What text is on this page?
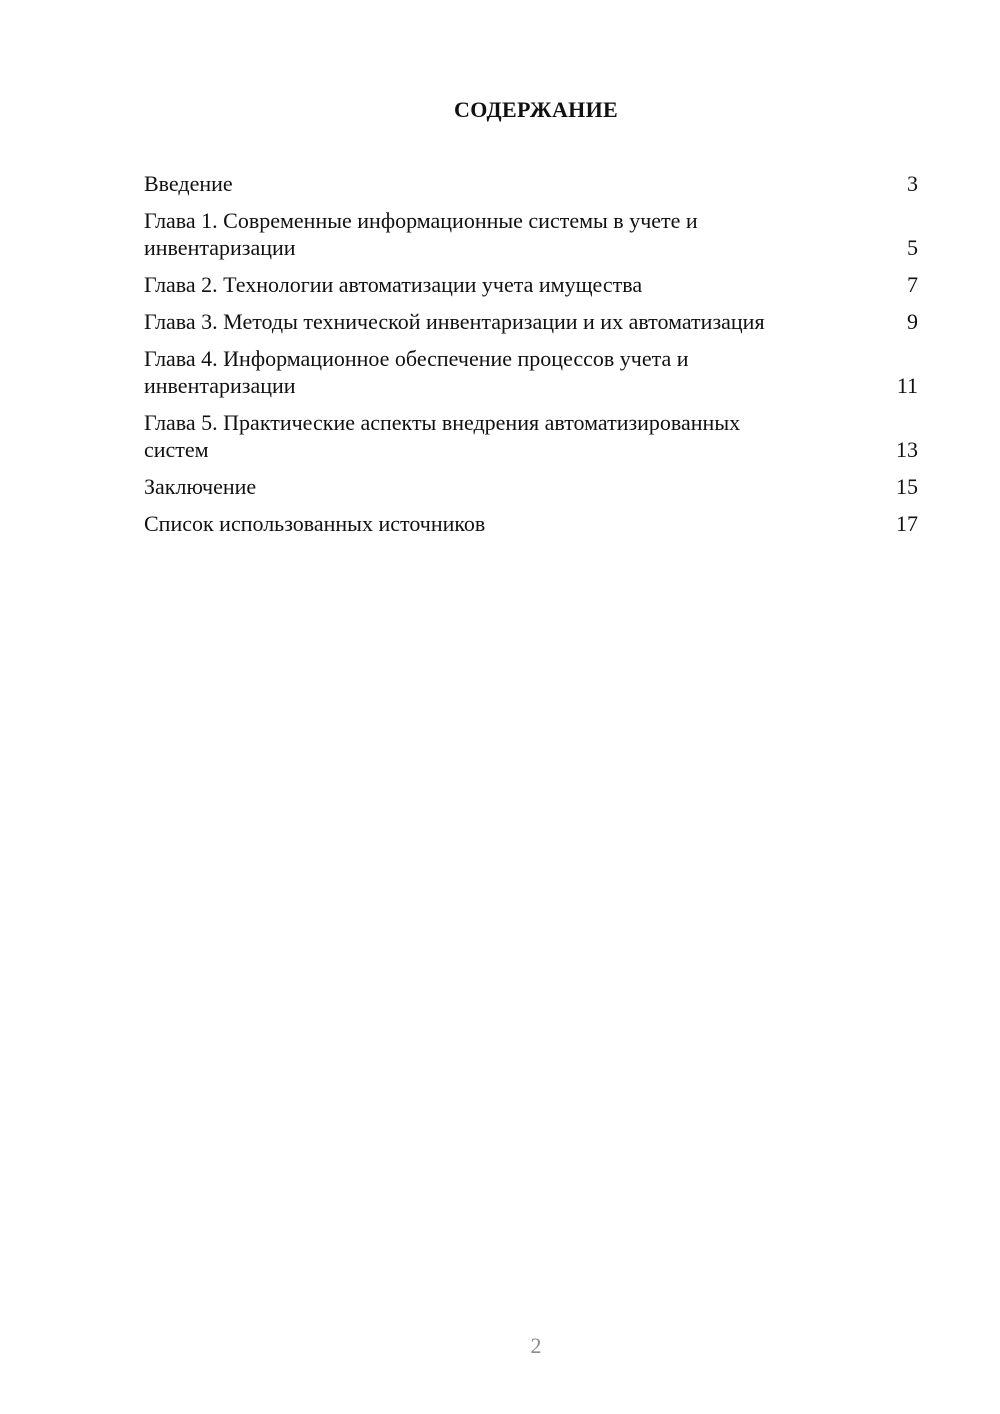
СОДЕРЖАНИЕ
Введение	3
Глава 1. Современные информационные системы в учете и инвентаризации	5
Глава 2. Технологии автоматизации учета имущества	7
Глава 3. Методы технической инвентаризации и их автоматизация	9
Глава 4. Информационное обеспечение процессов учета и инвентаризации	11
Глава 5. Практические аспекты внедрения автоматизированных систем	13
Заключение	15
Список использованных источников	17
2
